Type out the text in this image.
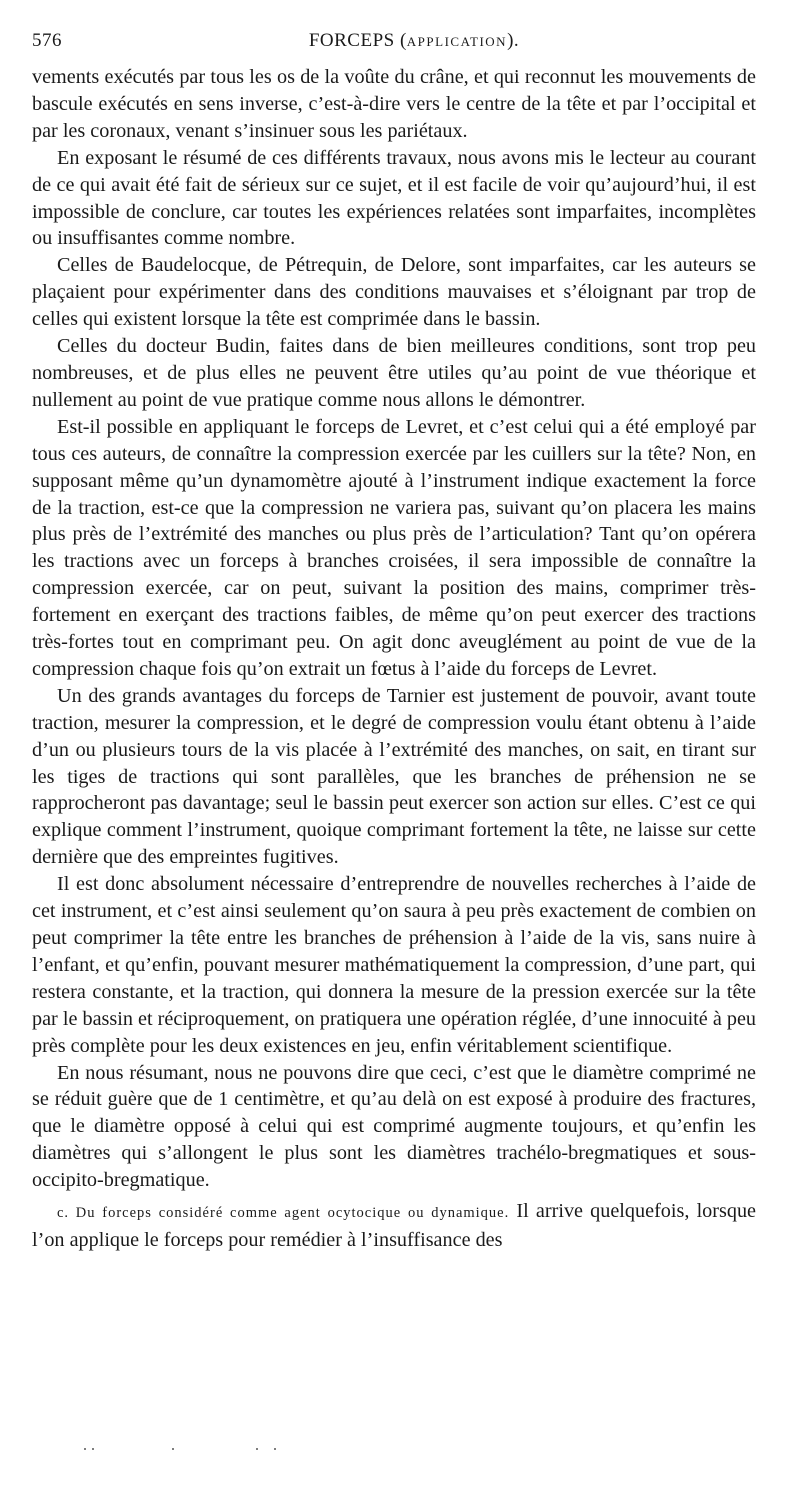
576	FORCEPS (APPLICATION).

vements exécutés par tous les os de la voûte du crâne, et qui reconnut les mouvements de bascule exécutés en sens inverse, c’est-à-dire vers le centre de la tête et par l’occipital et par les coronaux, venant s’insinuer sous les pariétaux.

En exposant le résumé de ces différents travaux, nous avons mis le lecteur au courant de ce qui avait été fait de sérieux sur ce sujet, et il est facile de voir qu’aujourd’hui, il est impossible de conclure, car toutes les expériences relatées sont imparfaites, incomplètes ou insuffisantes comme nombre.

Celles de Baudelocque, de Pétrequin, de Delore, sont imparfaites, car les auteurs se plaçaient pour expérimenter dans des conditions mauvaises et s’éloignant par trop de celles qui existent lorsque la tête est comprimée dans le bassin.

Celles du docteur Budin, faites dans de bien meilleures conditions, sont trop peu nombreuses, et de plus elles ne peuvent être utiles qu’au point de vue théorique et nullement au point de vue pratique comme nous allons le démontrer.

Est-il possible en appliquant le forceps de Levret, et c’est celui qui a été employé par tous ces auteurs, de connaître la compression exercée par les cuillers sur la tête? Non, en supposant même qu’un dynamomètre ajouté à l’instrument indique exactement la force de la traction, est-ce que la compression ne variera pas, suivant qu’on placera les mains plus près de l’extrémité des manches ou plus près de l’articulation? Tant qu’on opérera les tractions avec un forceps à branches croisées, il sera impossible de connaître la compression exercée, car on peut, suivant la position des mains, comprimer très-fortement en exerçant des tractions faibles, de même qu’on peut exercer des tractions très-fortes tout en comprimant peu. On agit donc aveuglément au point de vue de la compression chaque fois qu’on extrait un fœtus à l’aide du forceps de Levret.

Un des grands avantages du forceps de Tarnier est justement de pouvoir, avant toute traction, mesurer la compression, et le degré de compression voulu étant obtenu à l’aide d’un ou plusieurs tours de la vis placée à l’extrémité des manches, on sait, en tirant sur les tiges de tractions qui sont parallèles, que les branches de préhension ne se rapprocheront pas davantage; seul le bassin peut exercer son action sur elles. C’est ce qui explique comment l’instrument, quoique comprimant fortement la tête, ne laisse sur cette dernière que des empreintes fugitives.

Il est donc absolument nécessaire d’entreprendre de nouvelles recherches à l’aide de cet instrument, et c’est ainsi seulement qu’on saura à peu près exactement de combien on peut comprimer la tête entre les branches de préhension à l’aide de la vis, sans nuire à l’enfant, et qu’enfin, pouvant mesurer mathématiquement la compression, d’une part, qui restera constante, et la traction, qui donnera la mesure de la pression exercée sur la tête par le bassin et réciproquement, on pratiquera une opération réglée, d’une innocuité à peu près complète pour les deux existences en jeu, enfin véritablement scientifique.

En nous résumant, nous ne pouvons dire que ceci, c’est que le diamètre comprimé ne se réduit guère que de 1 centimètre, et qu’au delà on est exposé à produire des fractures, que le diamètre opposé à celui qui est comprimé augmente toujours, et qu’enfin les diamètres qui s’allongent le plus sont les diamètres trachélo-bregmatiques et sous-occipito-bregmatique.

c. Du forceps considéré comme agent ocytocique ou dynamique. Il arrive quelquefois, lorsque l’on applique le forceps pour remédier à l’insuffisance des
